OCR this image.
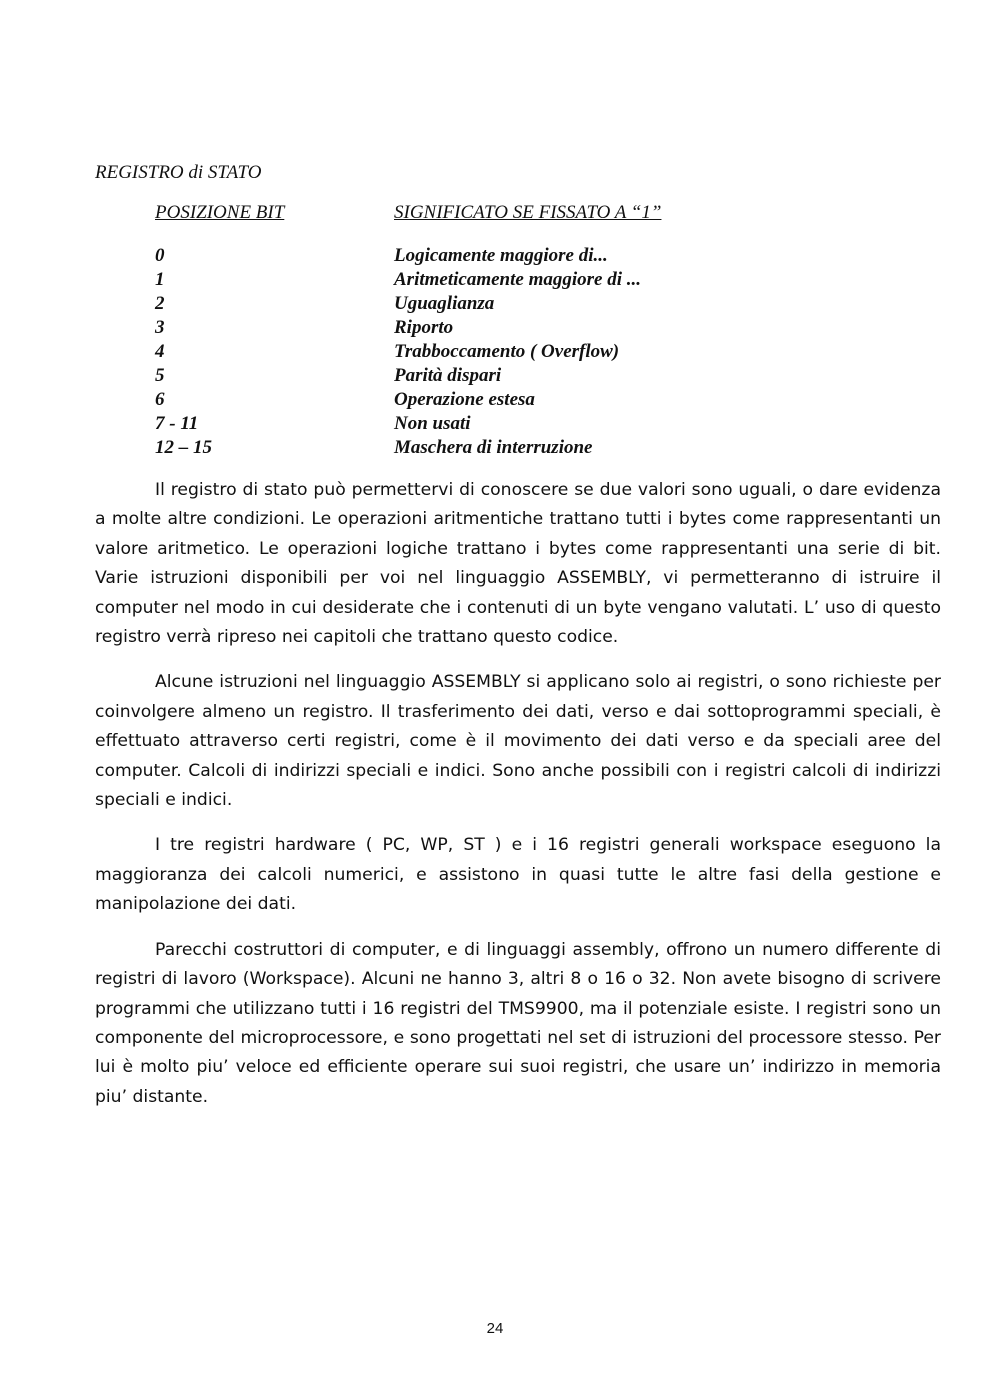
REGISTRO di STATO
POSIZIONE BIT	SIGNIFICATO SE FISSATO A “1”
0	Logicamente maggiore di...
1	Aritmeticamente maggiore di ...
2	Uguaglianza
3	Riporto
4	Trabboccamento ( Overflow)
5	Parità dispari
6	Operazione estesa
7 - 11	Non usati
12 – 15	Maschera di interruzione

Il registro di stato può permettervi di conoscere se due valori sono uguali, o dare evidenza a molte altre condizioni. Le operazioni aritmentiche trattano tutti i bytes come rappresentanti un valore aritmetico. Le operazioni logiche trattano i bytes come rappresentanti una serie di bit. Varie istruzioni disponibili per voi nel linguaggio ASSEMBLY, vi permetteranno di istruire il computer nel modo in cui desiderate che i contenuti di un byte vengano valutati. L’ uso di questo registro verrà ripreso nei capitoli che trattano questo codice.

Alcune istruzioni nel linguaggio ASSEMBLY si applicano solo ai registri, o sono richieste per coinvolgere almeno un registro. Il trasferimento dei dati, verso e dai sottoprogrammi speciali, è effettuato attraverso certi registri, come è il movimento dei dati verso e da speciali aree del computer. Calcoli di indirizzi speciali e indici. Sono anche possibili con i registri calcoli di indirizzi speciali e indici.

I tre registri hardware ( PC, WP, ST ) e i 16 registri generali workspace eseguono la maggioranza dei calcoli numerici, e assistono in quasi tutte le altre fasi della gestione e manipolazione dei dati.

Parecchi costruttori di computer, e di linguaggi assembly, offrono un numero differente di registri di lavoro (Workspace). Alcuni ne hanno 3, altri 8 o 16 o 32. Non avete bisogno di scrivere programmi che utilizzano tutti i 16 registri del TMS9900, ma il potenziale esiste. I registri sono un componente del microprocessore, e sono progettati nel set di istruzioni del processore stesso. Per lui è molto piu’ veloce ed efficiente operare sui suoi registri, che usare un’ indirizzo in memoria piu’ distante.

24
